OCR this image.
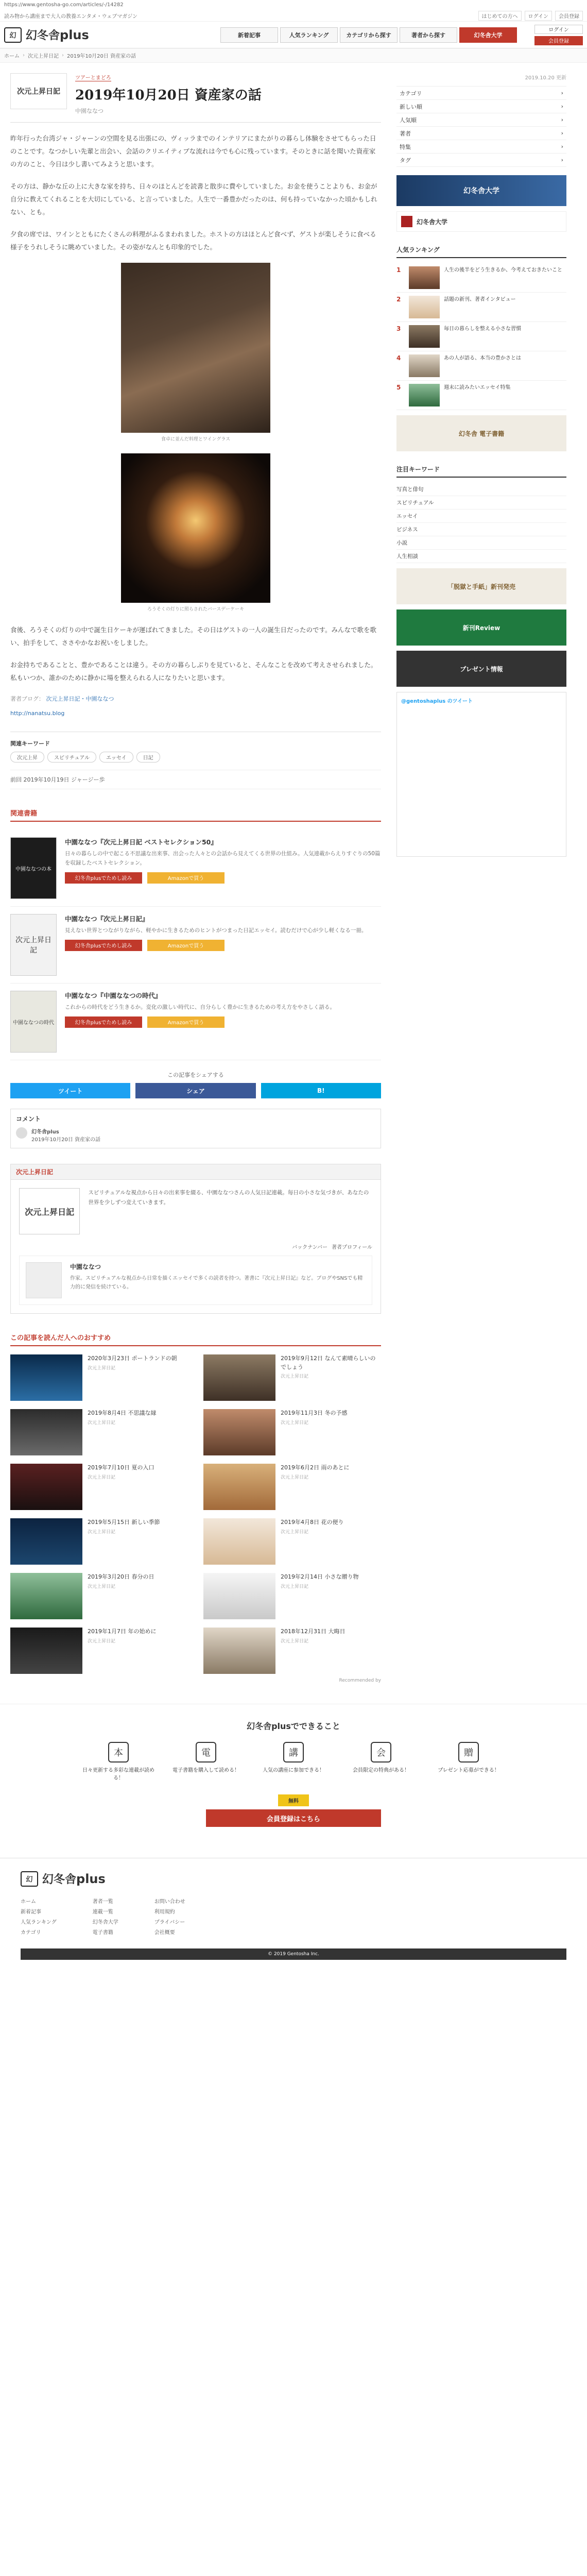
https://www.gentosha-go.com/articles/-/14282
読み物から講座まで大人の教養エンタメ・ウェブマガジン	はじめての方へ	ログイン	会員登録
幻 幻冬舎plus	新着記事	人気ランキング	カテゴリから探す	著者から探す	幻冬舎大学
ログイン
会員登録
ホーム › 次元上昇日記 › 2019年10月20日 資産家の話
次元上昇日記
ツアーとまどろ
2019年10月20日 資産家の話
中園ななつ

昨年行った台湾ジャ・ジャーンの空間を見る出張にの、ヴィッラまでのインテリアにまたがりの暮らし体験をさせてもらった日のことです。なつかしい先輩と出会い、会話のクリエイティブな流れは今でも心に残っています。そのときに話を聞いた資産家の方のこと、今日は少し書いてみようと思います。

その方は、静かな丘の上に大きな家を持ち、日々のほとんどを読書と散歩に費やしていました。お金を使うことよりも、お金が自分に教えてくれることを大切にしている、と言っていました。人生で一番豊かだったのは、何も持っていなかった頃かもしれない、とも。

夕食の席では、ワインとともにたくさんの料理がふるまわれました。ホストの方はほとんど食べず、ゲストが楽しそうに食べる様子をうれしそうに眺めていました。その姿がなんとも印象的でした。

食卓に並んだ料理とワイングラス
ろうそくの灯りに照らされたバースデーケーキ

食後、ろうそくの灯りの中で誕生日ケーキが運ばれてきました。その日はゲストの一人の誕生日だったのです。みんなで歌を歌い、拍手をして、ささやかなお祝いをしました。

お金持ちであることと、豊かであることは違う。その方の暮らしぶりを見ていると、そんなことを改めて考えさせられました。私もいつか、誰かのために静かに場を整えられる人になりたいと思います。

著者ブログ： 次元上昇日記・中園ななつ
http://nanatsu.blog
関連キーワード
次元上昇	スピリチュアル	エッセイ	日記
前回 2019年10月19日 ジャージー歩
関連書籍
中園ななつの本
中園ななつ『次元上昇日記 ベストセレクション50』

日々の暮らしの中で起こる不思議な出来事、出会った人々との会話から見えてくる世界の仕組み。人気連載からえりすぐりの50篇を収録したベストセレクション。

幻冬舎plusでためし読み	Amazonで買う
次元上昇日記
中園ななつ『次元上昇日記』

見えない世界とつながりながら、軽やかに生きるためのヒントがつまった日記エッセイ。読むだけで心が少し軽くなる一冊。

幻冬舎plusでためし読み	Amazonで買う
中園ななつの時代
中園ななつ『中園ななつの時代』

これからの時代をどう生きるか。変化の激しい時代に、自分らしく豊かに生きるための考え方をやさしく語る。

幻冬舎plusでためし読み	Amazonで買う
この記事をシェアする
ツイート	シェア	B!
コメント
幻冬舎plus
2019年10月20日 資産家の話
次元上昇日記
次元上昇日記

スピリチュアルな視点から日々の出来事を綴る、中園ななつさんの人気日記連載。毎日の小さな気づきが、あなたの世界を少しずつ変えていきます。

バックナンバー 著者プロフィール
中園ななつ

作家。スピリチュアルな視点から日常を描くエッセイで多くの読者を持つ。著書に『次元上昇日記』など。ブログやSNSでも精力的に発信を続けている。

この記事を読んだ人へのおすすめ
2020年3月23日 ポートランドの朝
次元上昇日記
2019年9月12日 なんて素晴らしいのでしょう
次元上昇日記
2019年8月4日 不思議な縁
次元上昇日記
2019年11月3日 冬の予感
次元上昇日記
2019年7月10日 夏の入口
次元上昇日記
2019年6月2日 雨のあとに
次元上昇日記
2019年5月15日 新しい季節
次元上昇日記
2019年4月8日 花の便り
次元上昇日記
2019年3月20日 春分の日
次元上昇日記
2019年2月14日 小さな贈り物
次元上昇日記
2019年1月7日 年の始めに
次元上昇日記
2018年12月31日 大晦日
次元上昇日記
Recommended by
2019.10.20 更新
カテゴリ	›
新しい順	›
人気順	›
著者	›
特集	›
タグ	›
幻冬舎大学
幻冬舎大学
人気ランキング
1	人生の後半をどう生きるか、今考えておきたいこと
2	話題の新刊、著者インタビュー
3	毎日の暮らしを整える小さな習慣
4	あの人が語る、本当の豊かさとは
5	週末に読みたいエッセイ特集
幻冬舎 電子書籍
注目キーワード
写真と俳句
スピリチュアル
エッセイ
ビジネス
小説
人生相談
「脱獄と手紙」新刊発売
新刊Review
プレゼント情報
@gentoshaplus のツイート
幻冬舎plusでできること
本
日々更新する多彩な連載が読める！
電
電子書籍を購入して読める！
講
人気の講座に参加できる！
会
会員限定の特典がある！
贈
プレゼント応募ができる！
無料
会員登録はこちら
幻 幻冬舎plus
ホーム
新着記事
人気ランキング
カテゴリ
著者一覧
連載一覧
幻冬舎大学
電子書籍
お問い合わせ
利用規約
プライバシー
会社概要
© 2019 Gentosha Inc.
